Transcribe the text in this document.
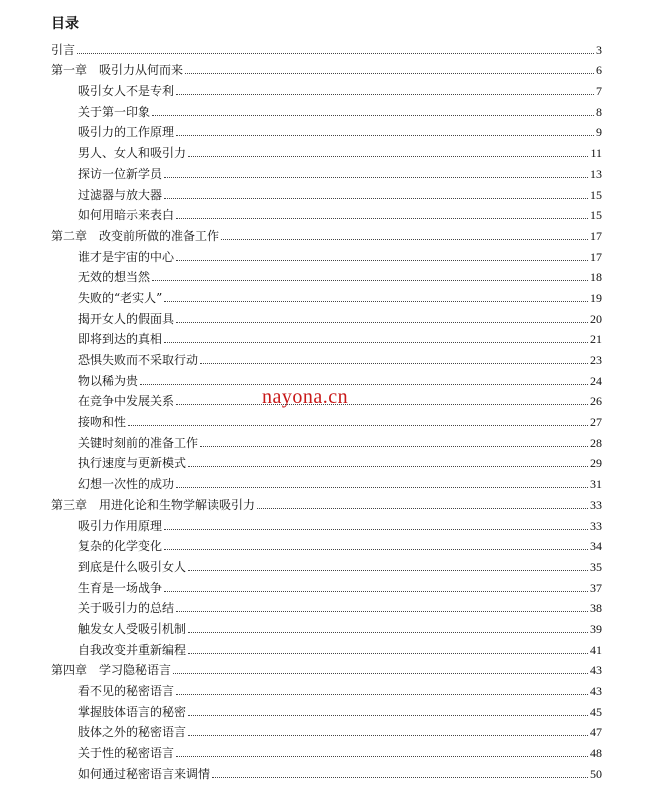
目录
引言	3
第一章　吸引力从何而来	6
吸引女人不是专利	7
关于第一印象	8
吸引力的工作原理	9
男人、女人和吸引力	11
探访一位新学员	13
过滤器与放大器	15
如何用暗示来表白	15
第二章　改变前所做的准备工作	17
谁才是宇宙的中心	17
无效的想当然	18
失败的“老实人”	19
揭开女人的假面具	20
即将到达的真相	21
恐惧失败而不采取行动	23
物以稀为贵	24
在竞争中发展关系	26
接吻和性	27
关键时刻前的准备工作	28
执行速度与更新模式	29
幻想一次性的成功	31
第三章　用进化论和生物学解读吸引力	33
吸引力作用原理	33
复杂的化学变化	34
到底是什么吸引女人	35
生育是一场战争	37
关于吸引力的总结	38
触发女人受吸引机制	39
自我改变并重新编程	41
第四章　学习隐秘语言	43
看不见的秘密语言	43
掌握肢体语言的秘密	45
肢体之外的秘密语言	47
关于性的秘密语言	48
如何通过秘密语言来调情	50
nayona.cn
